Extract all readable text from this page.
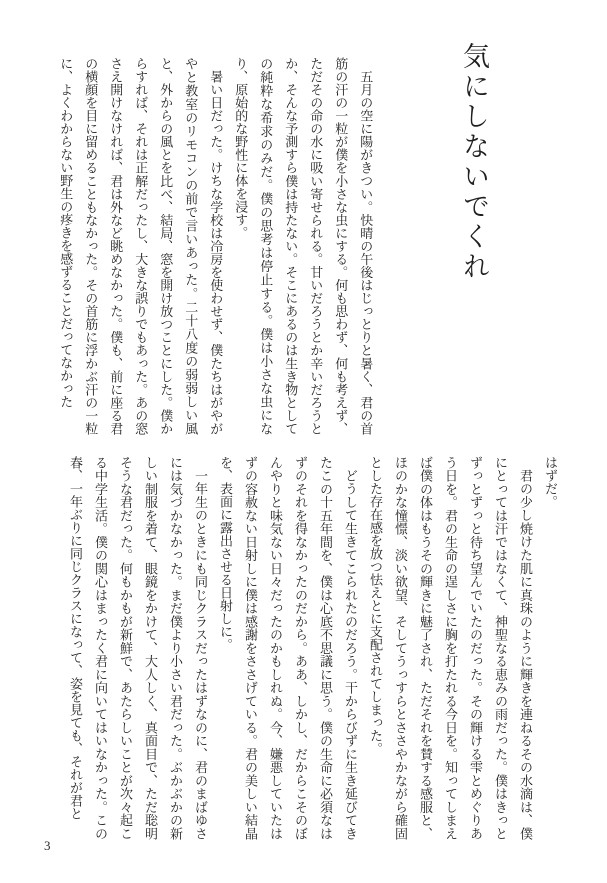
気にしないでくれ

五月の空に陽がきつい。快晴の午後はじっとりと暑く、君の首筋の汗の一粒が僕を小さな虫にする。何も思わず、何も考えず、ただその命の水に吸い寄せられる。甘いだろうとか辛いだろうとか、そんな予測すら僕は持たない。そこにあるのは生き物としての純粋な希求のみだ。僕の思考は停止する。僕は小さな虫になり、原始的な野性に体を浸す。

暑い日だった。けちな学校は冷房を使わせず、僕たちはがやがやと教室のリモコンの前で言いあった。二十八度の弱弱しい風と、外からの風とを比べ、結局、窓を開け放つことにした。僕からすれば、それは正解だったし、大きな誤りでもあった。あの窓さえ開けなければ、君は外など眺めなかった。僕も、前に座る君の横顔を目に留めることもなかった。その首筋に浮かぶ汗の一粒に、よくわからない野生の疼きを感ずることだってなかった

はずだ。

君の少し焼けた肌に真珠のように輝きを連ねるその水滴は、僕にとっては汗ではなくて、神聖なる恵みの雨だった。僕はきっとずっとずっと待ち望んでいたのだった。その輝ける雫とめぐりあう日を。君の生命の逞しさに胸を打たれる今日を。知ってしまえば僕の体はもうその輝きに魅了され、ただそれを賛する感服と、ほのかな憧憬、淡い欲望、そしてうっすらとささやかながら確固とした存在感を放つ怯えとに支配されてしまった。

どうして生きてこられたのだろう。干からびずに生き延びてきたこの十五年間を、僕は心底不思議に思う。僕の生命に必須なはずのそれを得なかったのだから。ああ、しかし、だからこそのぼんやりと味気ない日々だったのかもしれぬ。今、嫌悪していたはずの容赦ない日射しに僕は感謝をささげている。君の美しい結晶を、表面に露出させる日射しに。

一年生のときにも同じクラスだったはずなのに、君のまばゆさには気づかなかった。まだ僕より小さい君だった。ぶかぶかの新しい制服を着て、眼鏡をかけて、大人しく、真面目で、ただ聡明そうな君だった。何もかもが新鮮で、あたらしいことが次々起こる中学生活。僕の関心はまったく君に向いてはいなかった。この春、一年ぶりに同じクラスになって、姿を見ても、それが君と

3
